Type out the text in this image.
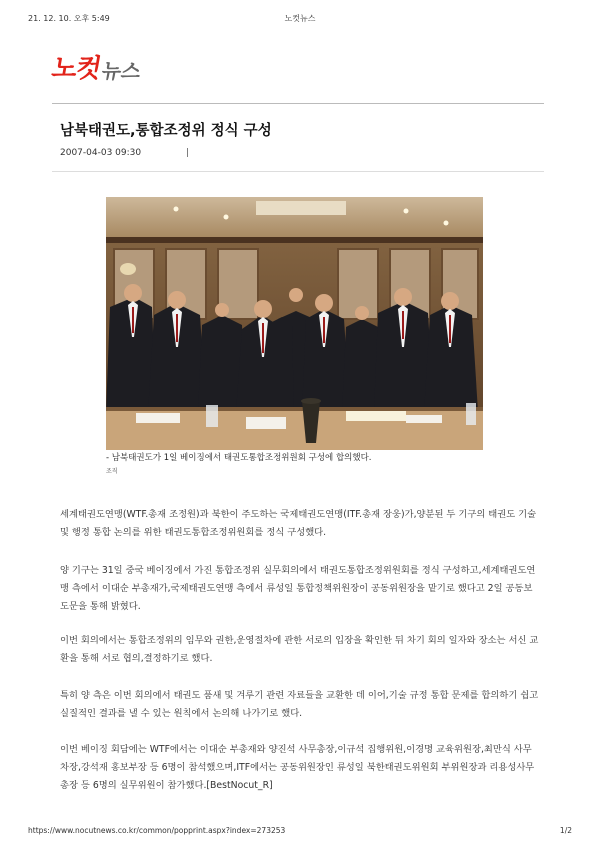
21. 12. 10. 오후 5:49	노컷뉴스
노컷
뉴스
남북태권도,통합조정위 정식 구성
2007-04-03 09:30	|
- 남북태권도가 1일 베이징에서 태권도통합조정위원회 구성에 합의했다.
조직

세계태권도연맹(WTF.총재 조정원)과 북한이 주도하는 국제태권도연맹(ITF.총재 장웅)가,양분된 두 기구의 태권도 기술 및 행정 통합 논의를 위한 태권도통합조정위원회를 정식 구성했다.

양 기구는 31일 중국 베이징에서 가진 통합조정위 실무회의에서 태권도통합조정위원회를 정식 구성하고,세계태권도연맹 측에서 이대순 부총재가,국제태권도연맹 측에서 류성일 통합정책위원장이 공동위원장을 맡기로 했다고 2일 공동보도문을 통해 밝혔다.

이번 회의에서는 통합조정위의 임무와 권한,운영절차에 관한 서로의 입장을 확인한 뒤 차기 회의 일자와 장소는 서신 교환을 통해 서로 협의,결정하기로 했다.

특히 양 측은 이번 회의에서 태권도 품새 및 겨루기 관련 자료들을 교환한 데 이어,기술 규정 통합 문제를 합의하기 쉽고 실질적인 결과를 낼 수 있는 원칙에서 논의해 나가기로 했다.

이번 베이징 회담에는 WTF에서는 이대순 부총재와 양진석 사무총장,이규석 집행위원,이경명 교육위원장,최만식 사무차장,강석재 홍보부장 등 6명이 참석했으며,ITF에서는 공동위원장인 류성일 북한태권도위원회 부위원장과 리용성사무총장 등 6명의 실무위원이 참가했다.[BestNocut_R]

https://www.nocutnews.co.kr/common/popprint.aspx?index=273253	1/2
